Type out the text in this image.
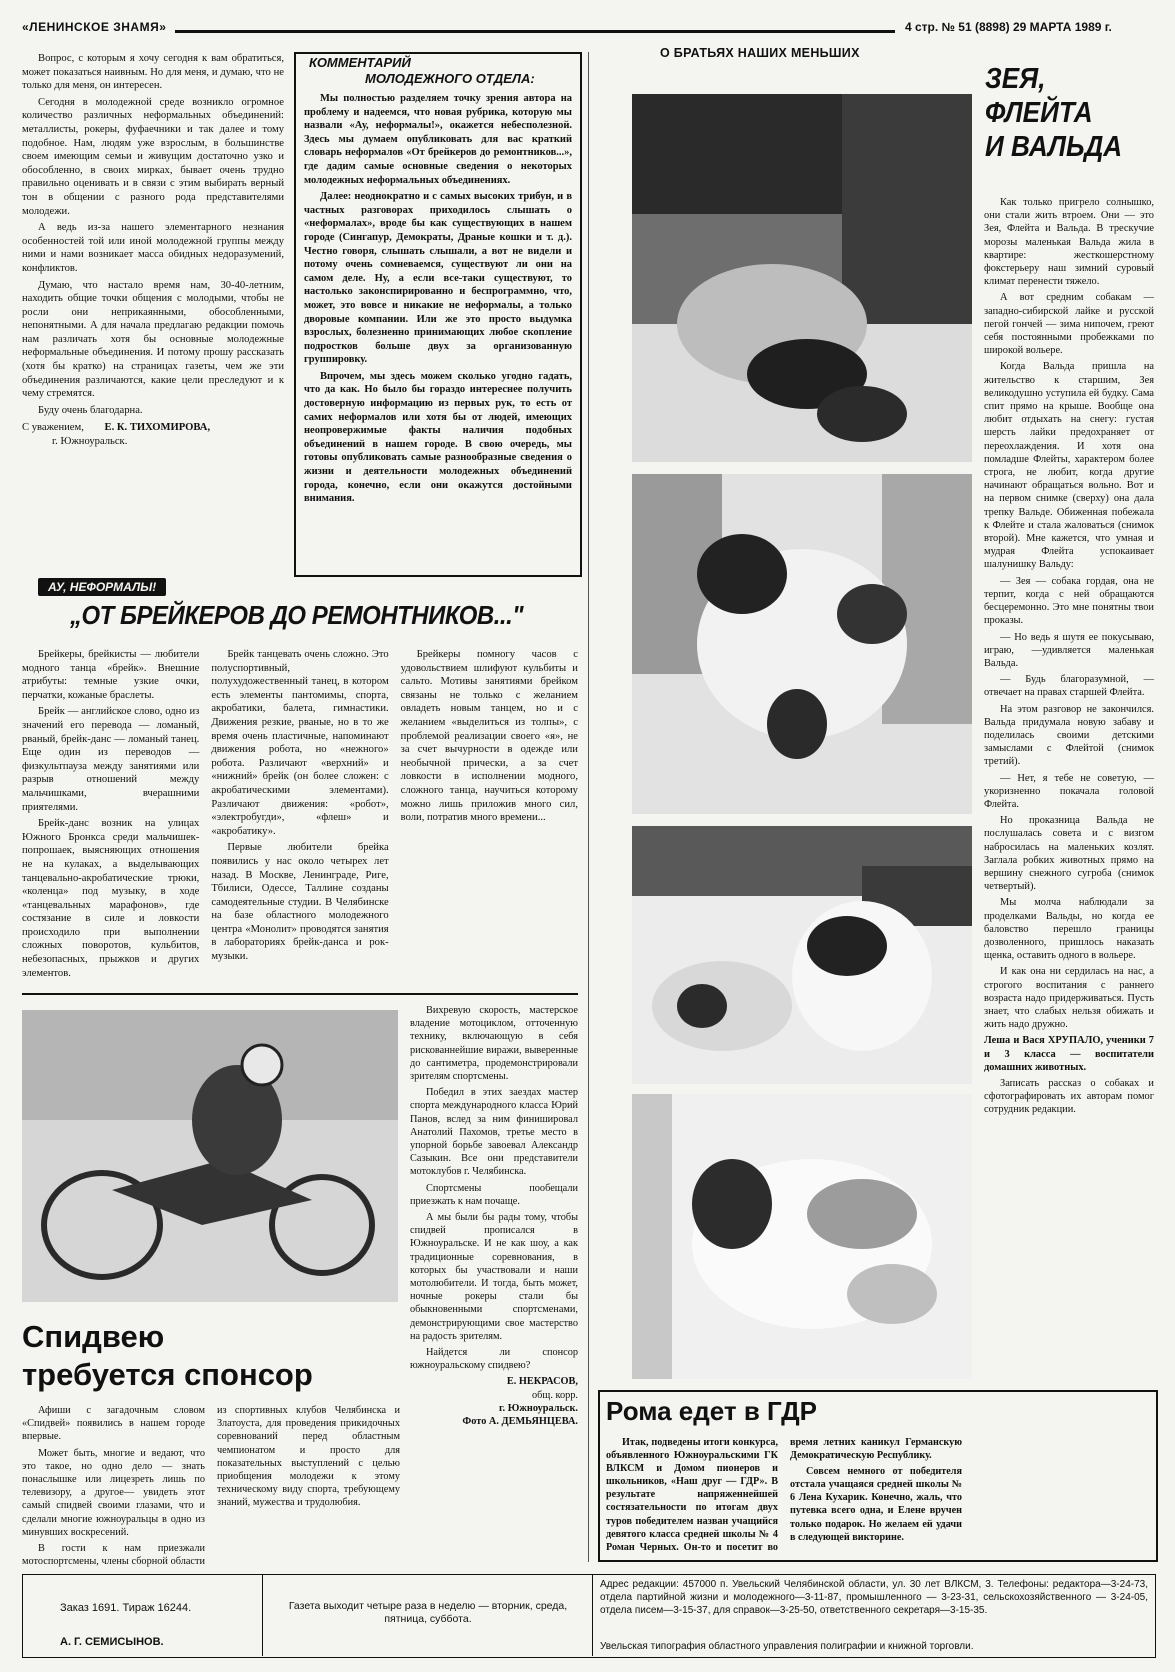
«ЛЕНИНСКОЕ ЗНАМЯ»	4 стр. № 51 (8898) 29 МАРТА 1989 г.

Вопрос, с которым я хочу сегодня к вам обратиться, может показаться наивным. Но для меня, и думаю, что не только для меня, он интересен.

Сегодня в молодежной среде возникло огромное количество различных неформальных объединений: металлисты, рокеры, фуфаечники и так далее и тому подобное. Нам, людям уже взрослым, в большинстве своем имеющим семьи и живущим достаточно узко и обособленно, в своих мирках, бывает очень трудно правильно оценивать и в связи с этим выбирать верный тон в общении с разного рода представителями молодежи.

А ведь из-за нашего элементарного незнания особенностей той или иной молодежной группы между ними и нами возникает масса обидных недоразумений, конфликтов.

Думаю, что настало время нам, 30-40-летним, находить общие точки общения с молодыми, чтобы не росли они неприкаянными, обособленными, непонятными. А для начала предлагаю редакции помочь нам различать хотя бы основные молодежные неформальные объединения. И потому прошу рассказать (хотя бы кратко) на страницах газеты, чем же эти объединения различаются, какие цели преследуют и к чему стремятся.

Буду очень благодарна.

С уважением, Е. К. ТИХОМИРОВА,
г. Южноуральск.
КОММЕНТАРИЙ
МОЛОДЕЖНОГО ОТДЕЛА:

Мы полностью разделяем точку зрения автора на проблему и надеемся, что новая рубрика, которую мы назвали «Ау, неформалы!», окажется небесполезной. Здесь мы думаем опубликовать для вас краткий словарь неформалов «От брейкеров до ремонтников...», где дадим самые основные сведения о некоторых молодежных неформальных объединениях.

Далее: неоднократно и с самых высоких трибун, и в частных разговорах приходилось слышать о «неформалах», вроде бы как существующих в нашем городе (Сингапур, Демократы, Драные кошки и т. д.). Честно говоря, слышать слышали, а вот не видели и потому очень сомневаемся, существуют ли они на самом деле. Ну, а если все-таки существуют, то настолько законспирированно и беспрограммно, что, может, это вовсе и никакие не неформалы, а только дворовые компании. Или же это просто выдумка взрослых, болезненно принимающих любое скопление подростков больше двух за организованную группировку.

Впрочем, мы здесь можем сколько угодно гадать, что да как. Но было бы гораздо интереснее получить достоверную информацию из первых рук, то есть от самих неформалов или хотя бы от людей, имеющих неопровержимые факты наличия подобных объединений в нашем городе. В свою очередь, мы готовы опубликовать самые разнообразные сведения о жизни и деятельности молодежных объединений города, конечно, если они окажутся достойными внимания.

АУ, НЕФОРМАЛЫ!
„ОТ БРЕЙКЕРОВ ДО РЕМОНТНИКОВ..."

Брейкеры, брейкисты — любители модного танца «брейк». Внешние атрибуты: темные узкие очки, перчатки, кожаные браслеты.

Брейк — английское слово, одно из значений его перевода — ломаный, рваный, брейк-данс — ломаный танец. Еще один из переводов — физкультпауза между занятиями или разрыв отношений между мальчишками, вчерашними приятелями.

Брейк-данс возник на улицах Южного Бронкса среди мальчишек-попрошаек, выясняющих отношения не на кулаках, а выделывающих танцевально-акробатические трюки, «коленца» под музыку, в ходе «танцевальных марафонов», где состязание в силе и ловкости происходило при выполнении сложных поворотов, кульбитов, небезопасных, прыжков и других элементов.

Брейк танцевать очень сложно. Это полуспортивный, полухудожественный танец, в котором есть элементы пантомимы, спорта, акробатики, балета, гимнастики. Движения резкие, рваные, но в то же время очень пластичные, напоминают движения робота, но «нежного» робота. Различают «верхний» и «нижний» брейк (он более сложен: с акробатическими элементами). Различают движения: «робот», «электробугди», «флеш» и «акробатику».

Первые любители брейка появились у нас около четырех лет назад. В Москве, Ленинграде, Риге, Тбилиси, Одессе, Таллине созданы самодеятельные студии. В Челябинске на базе областного молодежного центра «Монолит» проводятся занятия в лабораториях брейк-данса и рок-музыки.

Брейкеры помногу часов с удовольствием шлифуют кульбиты и сальто. Мотивы занятиями брейком связаны не только с желанием овладеть новым танцем, но и с желанием «выделиться из толпы», с проблемой реализации своего «я», не за счет вычурности в одежде или необычной прически, а за счет ловкости в исполнении модного, сложного танца, научиться которому можно лишь приложив много сил, воли, потратив много времени...

О БРАТЬЯХ НАШИХ МЕНЬШИХ
ЗЕЯ,
ФЛЕЙТА
И ВАЛЬДА

Как только пригрело солнышко, они стали жить втроем. Они — это Зея, Флейта и Вальда. В трескучие морозы маленькая Вальда жила в квартире: жесткошерстному фокстерьеру наш зимний суровый климат перенести тяжело.

А вот средним собакам — западно-сибирской лайке и русской пегой гончей — зима нипочем, греют себя постоянными пробежками по широкой вольере.

Когда Вальда пришла на жительство к старшим, Зея великодушно уступила ей будку. Сама спит прямо на крыше. Вообще она любит отдыхать на снегу: густая шерсть лайки предохраняет от переохлаждения. И хотя она помладше Флейты, характером более строга, не любит, когда другие начинают обращаться вольно. Вот и на первом снимке (сверху) она дала трепку Вальде. Обиженная побежала к Флейте и стала жаловаться (снимок второй). Мне кажется, что умная и мудрая Флейта успокаивает шалунишку Вальду:

— Зея — собака гордая, она не терпит, когда с ней обращаются бесцеремонно. Это мне понятны твои проказы.

— Но ведь я шутя ее покусываю, играю, —удивляется маленькая Вальда.

— Будь благоразумной, —отвечает на правах старшей Флейта.

На этом разговор не закончился. Вальда придумала новую забаву и поделилась своими детскими замыслами с Флейтой (снимок третий).

— Нет, я тебе не советую, — укоризненно покачала головой Флейта.

Но проказница Вальда не послушалась совета и с визгом набросилась на маленьких козлят. Заглала робких животных прямо на вершину снежного сугроба (снимок четвертый).

Мы молча наблюдали за проделками Вальды, но когда ее баловство перешло границы дозволенного, пришлось наказать щенка, оставить одного в вольере.

И как она ни сердилась на нас, а строгого воспитания с раннего возраста надо придерживаться. Пусть знает, что слабых нельзя обижать и жить надо дружно.

Леша и Вася ХРУПАЛО, ученики 7 и 3 класса — воспитатели домашних животных.

Записать рассказ о собаках и сфотографировать их авторам помог сотрудник редакции.

Спидвею
требуется спонсор

Афиши с загадочным словом «Спидвей» появились в нашем городе впервые.

Может быть, многие и ведают, что это такое, но одно дело — знать понаслышке или лицезреть лишь по телевизору, а другое— увидеть этот самый спидвей своими глазами, что и сделали многие южноуральцы в одно из минувших воскресений.

В гости к нам приезжали мотоспортсмены, члены сборной области из спортивных клубов Челябинска и Златоуста, для проведения прикидочных соревнований перед областным чемпионатом и просто для показательных выступлений с целью приобщения молодежи к этому техническому виду спорта, требующему знаний, мужества и трудолюбия.

Вихревую скорость, мастерское владение мотоциклом, отточенную технику, включающую в себя рискованнейшие виражи, выверенные до сантиметра, продемонстрировали зрителям спортсмены.

Победил в этих заездах мастер спорта международного класса Юрий Панов, вслед за ним финишировал Анатолий Пахомов, третье место в упорной борьбе завоевал Александр Сазыкин. Все они представители мотоклубов г. Челябинска.

Спортсмены пообещали приезжать к нам почаще.

А мы были бы рады тому, чтобы спидвей прописался в Южноуральске. И не как шоу, а как традиционные соревнования, в которых бы участвовали и наши мотолюбители. И тогда, быть может, ночные рокеры стали бы обыкновенными спортсменами, демонстрирующими свое мастерство на радость зрителям.

Найдется ли спонсор южноуральскому спидвею?

Е. НЕКРАСОВ,
общ. корр.
г. Южноуральск.
Фото А. ДЕМЬЯНЦЕВА. Рома едет в ГДР

Итак, подведены итоги конкурса, объявленного Южноуральскими ГК ВЛКСМ и Домом пионеров и школьников, «Наш друг — ГДР». В результате напряженнейшей состязательности по итогам двух туров победителем назван учащийся девятого класса средней школы № 4 Роман Черных. Он-то и посетит во время летних каникул Германскую Демократическую Республику.

Совсем немного от победителя отстала учащаяся средней школы № 6 Лена Кухарик. Конечно, жаль, что путевка всего одна, и Елене вручен только подарок. Но желаем ей удачи в следующей викторине.

Заказ 1691. Тираж 16244.
А. Г. СЕМИСЫНОВ.
Газета выходит четыре раза в неделю — вторник, среда, пятница, суббота.
Адрес редакции: 457000 п. Увельский Челябинской области, ул. 30 лет ВЛКСМ, 3. Телефоны: редактора—3-24-73, отдела партийной жизни и молодежного—3-11-87, промышленного — 3-23-31, сельскохозяйственного — 3-24-05, отдела писем—3-15-37, для справок—3-25-50, ответственного секретаря—3-15-35.
Увельская типография областного управления полиграфии и книжной торговли.
